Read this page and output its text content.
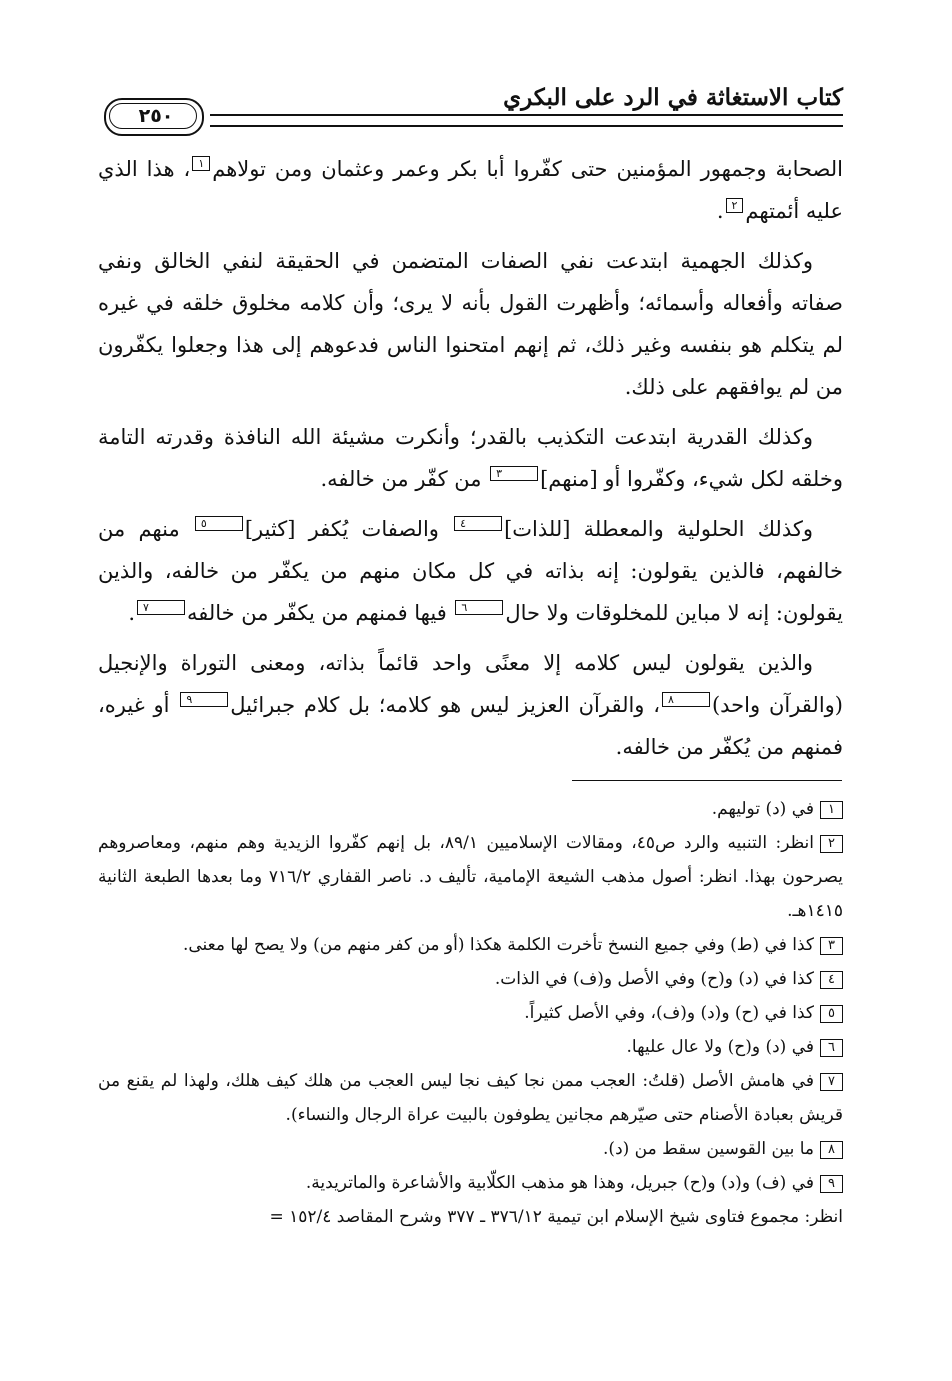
كتاب الاستغاثة في الرد على البكري
٢٥٠

الصحابة وجمهور المؤمنين حتى كفّروا أبا بكر وعمر وعثمان ومن تولاهم١، هذا الذي عليه أئمتهم٢.

وكذلك الجهمية ابتدعت نفي الصفات المتضمن في الحقيقة لنفي الخالق ونفي صفاته وأفعاله وأسمائه؛ وأظهرت القول بأنه لا يرى؛ وأن كلامه مخلوق خلقه في غيره لم يتكلم هو بنفسه وغير ذلك، ثم إنهم امتحنوا الناس فدعوهم إلى هذا وجعلوا يكفّرون من لم يوافقهم على ذلك.

وكذلك القدرية ابتدعت التكذيب بالقدر؛ وأنكرت مشيئة الله النافذة وقدرته التامة وخلقه لكل شيء، وكفّروا أو [منهم]٣ من كفّر من خالفه.

وكذلك الحلولية والمعطلة [للذات]٤ والصفات يُكفر [كثير]٥ منهم من خالفهم، فالذين يقولون: إنه بذاته في كل مكان منهم من يكفّر من خالفه، والذين يقولون: إنه لا مباين للمخلوقات ولا حال٦ فيها فمنهم من يكفّر من خالفه٧.

والذين يقولون ليس كلامه إلا معنًى واحد قائماً بذاته، ومعنى التوراة والإنجيل (والقرآن واحد)٨، والقرآن العزيز ليس هو كلامه؛ بل كلام جبرائيل٩ أو غيره، فمنهم من يُكفّر من خالفه.

١في (د) توليهم.

٢انظر: التنبيه والرد ص٤٥، ومقالات الإسلاميين ٨٩/١، بل إنهم كفّروا الزيدية وهم منهم، ومعاصروهم يصرحون بهذا. انظر: أصول مذهب الشيعة الإمامية، تأليف د. ناصر القفاري ٧١٦/٢ وما بعدها الطبعة الثانية ١٤١٥هـ.

٣كذا في (ط) وفي جميع النسخ تأخرت الكلمة هكذا (أو من كفر منهم من) ولا يصح لها معنى.

٤كذا في (د) و(ح) وفي الأصل و(ف) في الذات.

٥كذا في (ح) و(د) و(ف)، وفي الأصل كثيراً.

٦في (د) و(ح) ولا عال عليها.

٧في هامش الأصل (قلتُ: العجب ممن نجا كيف نجا ليس العجب من هلك كيف هلك، ولهذا لم يقنع من قريش بعبادة الأصنام حتى صيّرهم مجانين يطوفون بالبيت عراة الرجال والنساء).

٨ما بين القوسين سقط من (د).

٩في (ف) و(د) و(ح) جبريل، وهذا هو مذهب الكلّابية والأشاعرة والماتريدية.

انظر: مجموع فتاوى شيخ الإسلام ابن تيمية ٣٧٦/١٢ ـ ٣٧٧ وشرح المقاصد ١٥٢/٤ =
